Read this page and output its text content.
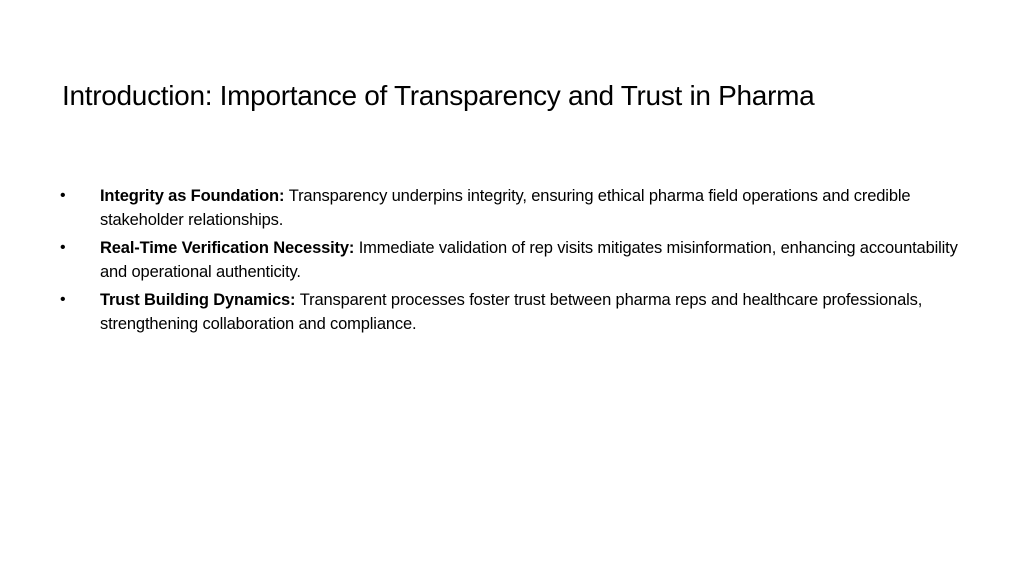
Introduction: Importance of Transparency and Trust in Pharma
•	Integrity as Foundation: Transparency underpins integrity, ensuring ethical pharma field operations and credible stakeholder relationships.
•	Real-Time Verification Necessity: Immediate validation of rep visits mitigates misinformation, enhancing accountability and operational authenticity.
•	Trust Building Dynamics: Transparent processes foster trust between pharma reps and healthcare professionals, strengthening collaboration and compliance.
